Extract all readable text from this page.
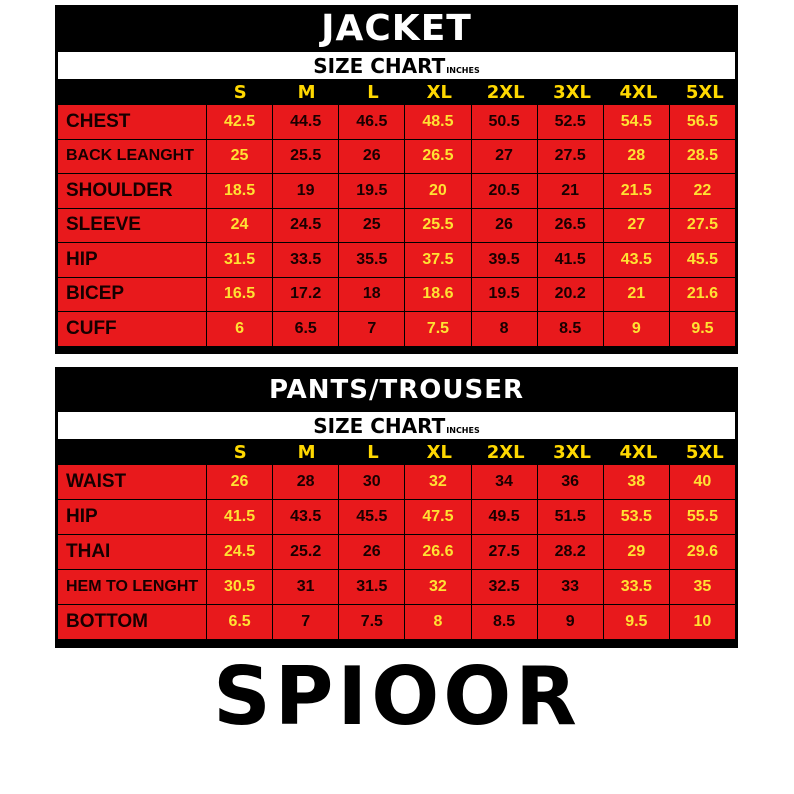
JACKET
SIZE CHART INCHES
S	M	L	XL	2XL	3XL	4XL	5XL
CHEST	42.5	44.5	46.5	48.5	50.5	52.5	54.5	56.5
BACK LEANGHT	25	25.5	26	26.5	27	27.5	28	28.5
SHOULDER	18.5	19	19.5	20	20.5	21	21.5	22
SLEEVE	24	24.5	25	25.5	26	26.5	27	27.5
HIP	31.5	33.5	35.5	37.5	39.5	41.5	43.5	45.5
BICEP	16.5	17.2	18	18.6	19.5	20.2	21	21.6
CUFF	6	6.5	7	7.5	8	8.5	9	9.5
PANTS/TROUSER
SIZE CHART INCHES
S	M	L	XL	2XL	3XL	4XL	5XL
WAIST	26	28	30	32	34	36	38	40
HIP	41.5	43.5	45.5	47.5	49.5	51.5	53.5	55.5
THAI	24.5	25.2	26	26.6	27.5	28.2	29	29.6
HEM TO LENGHT	30.5	31	31.5	32	32.5	33	33.5	35
BOTTOM	6.5	7	7.5	8	8.5	9	9.5	10
SPIOOR
